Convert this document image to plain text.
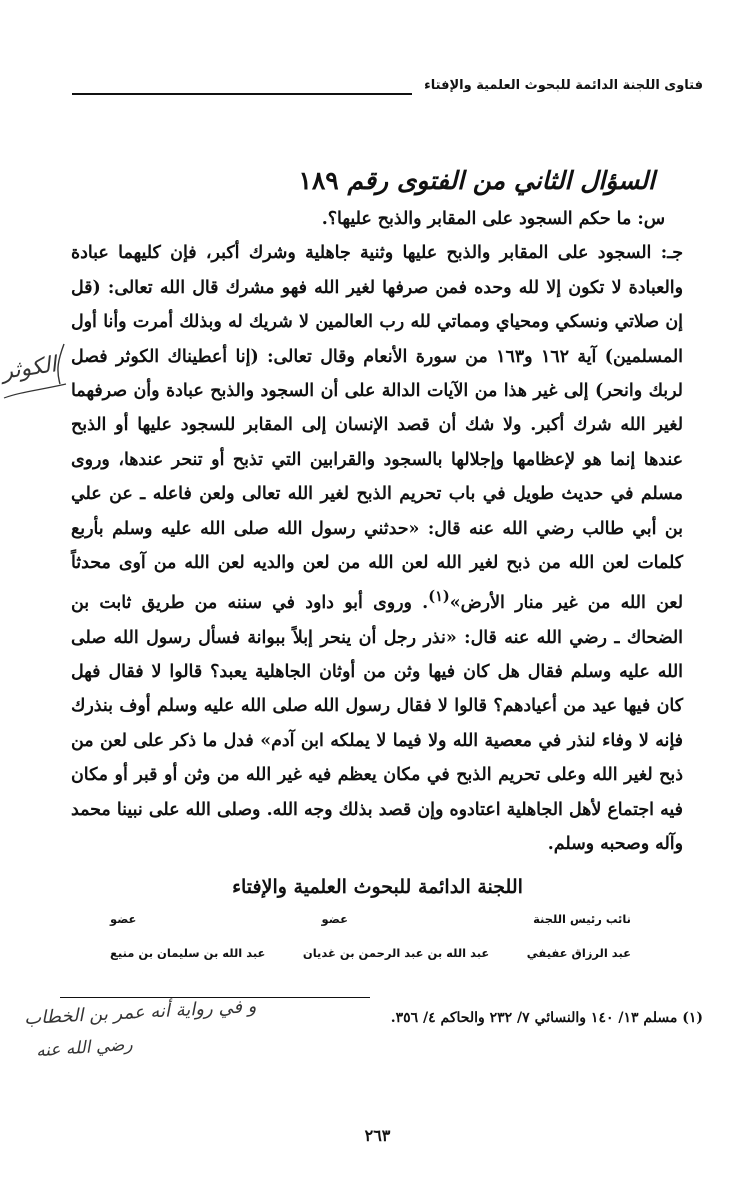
فتاوى اللجنة الدائمة للبحوث العلمية والإفتاء
السؤال الثاني من الفتوى رقم ١٨٩

س: ما حكم السجود على المقابر والذبح عليها؟.

جـ: السجود على المقابر والذبح عليها وثنية جاهلية وشرك أكبر، فإن كليهما عبادة والعبادة لا تكون إلا لله وحده فمن صرفها لغير الله فهو مشرك قال الله تعالى: (قل إن صلاتي ونسكي ومحياي ومماتي لله رب العالمين لا شريك له وبذلك أمرت وأنا أول المسلمين) آية ١٦٢ و١٦٣ من سورة الأنعام وقال تعالى: (إنا أعطيناك الكوثر فصل لربك وانحر) إلى غير هذا من الآيات الدالة على أن السجود والذبح عبادة وأن صرفهما لغير الله شرك أكبر. ولا شك أن قصد الإنسان إلى المقابر للسجود عليها أو الذبح عندها إنما هو لإعظامها وإجلالها بالسجود والقرابين التي تذبح أو تنحر عندها، وروى مسلم في حديث طويل في باب تحريم الذبح لغير الله تعالى ولعن فاعله ـ عن علي بن أبي طالب رضي الله عنه قال: «حدثني رسول الله صلى الله عليه وسلم بأربع كلمات لعن الله من ذبح لغير الله لعن الله من لعن والديه لعن الله من آوى محدثاً لعن الله من غير منار الأرض»$^{(١)}$. وروى أبو داود في سننه من طريق ثابت بن الضحاك ـ رضي الله عنه قال: «نذر رجل أن ينحر إبلاً ببوانة فسأل رسول الله صلى الله عليه وسلم فقال هل كان فيها وثن من أوثان الجاهلية يعبد؟ قالوا لا فقال فهل كان فيها عيد من أعيادهم؟ قالوا لا فقال رسول الله صلى الله عليه وسلم أوف بنذرك فإنه لا وفاء لنذر في معصية الله ولا فيما لا يملكه ابن آدم» فدل ما ذكر على لعن من ذبح لغير الله وعلى تحريم الذبح في مكان يعظم فيه غير الله من وثن أو قبر أو مكان فيه اجتماع لأهل الجاهلية اعتادوه وإن قصد بذلك وجه الله. وصلى الله على نبينا محمد وآله وصحبه وسلم.

اللجنة الدائمة للبحوث العلمية والإفتاء
عضو	عضو	نائب رئيس اللجنة
عبد الله بن سليمان بن منيع	عبد الله بن عبد الرحمن بن غديان	عبد الرزاق عفيفي
(١) مسلم ١٣/ ١٤٠ والنسائي ٧/ ٢٣٢ والحاكم ٤/ ٣٥٦.
الكوثر
و في رواية أنه عمر بن الخطاب
رضي الله عنه
٢٦٣
